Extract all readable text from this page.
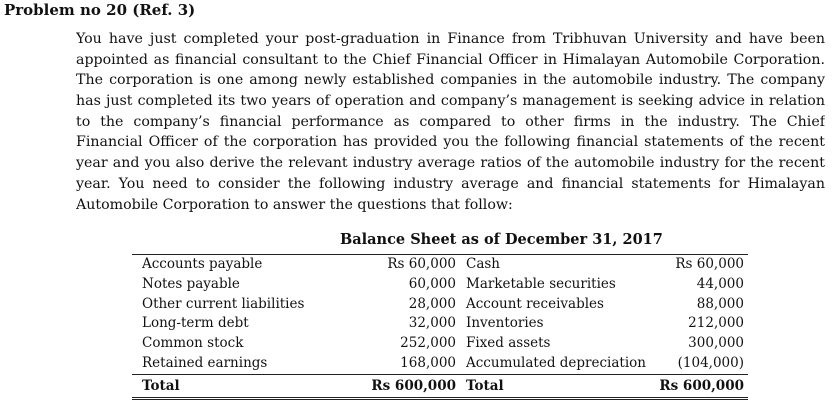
Problem no 20 (Ref. 3)
You have just completed your post-graduation in Finance from Tribhuvan University and have been
appointed as financial consultant to the Chief Financial Officer in Himalayan Automobile Corporation.
The corporation is one among newly established companies in the automobile industry. The company
has just completed its two years of operation and company’s management is seeking advice in relation
to the company’s financial performance as compared to other firms in the industry. The Chief
Financial Officer of the corporation has provided you the following financial statements of the recent
year and you also derive the relevant industry average ratios of the automobile industry for the recent
year. You need to consider the following industry average and financial statements for Himalayan
Automobile Corporation to answer the questions that follow:
Balance Sheet as of December 31, 2017
Accounts payable	Rs 60,000 Cash	Rs 60,000
Notes payable	60,000 Marketable securities	44,000
Other current liabilities	28,000 Account receivables	88,000
Long-term debt	32,000 Inventories	212,000
Common stock	252,000 Fixed assets	300,000
Retained earnings	168,000 Accumulated depreciation	(104,000)
Total	Rs 600,000 Total	Rs 600,000
